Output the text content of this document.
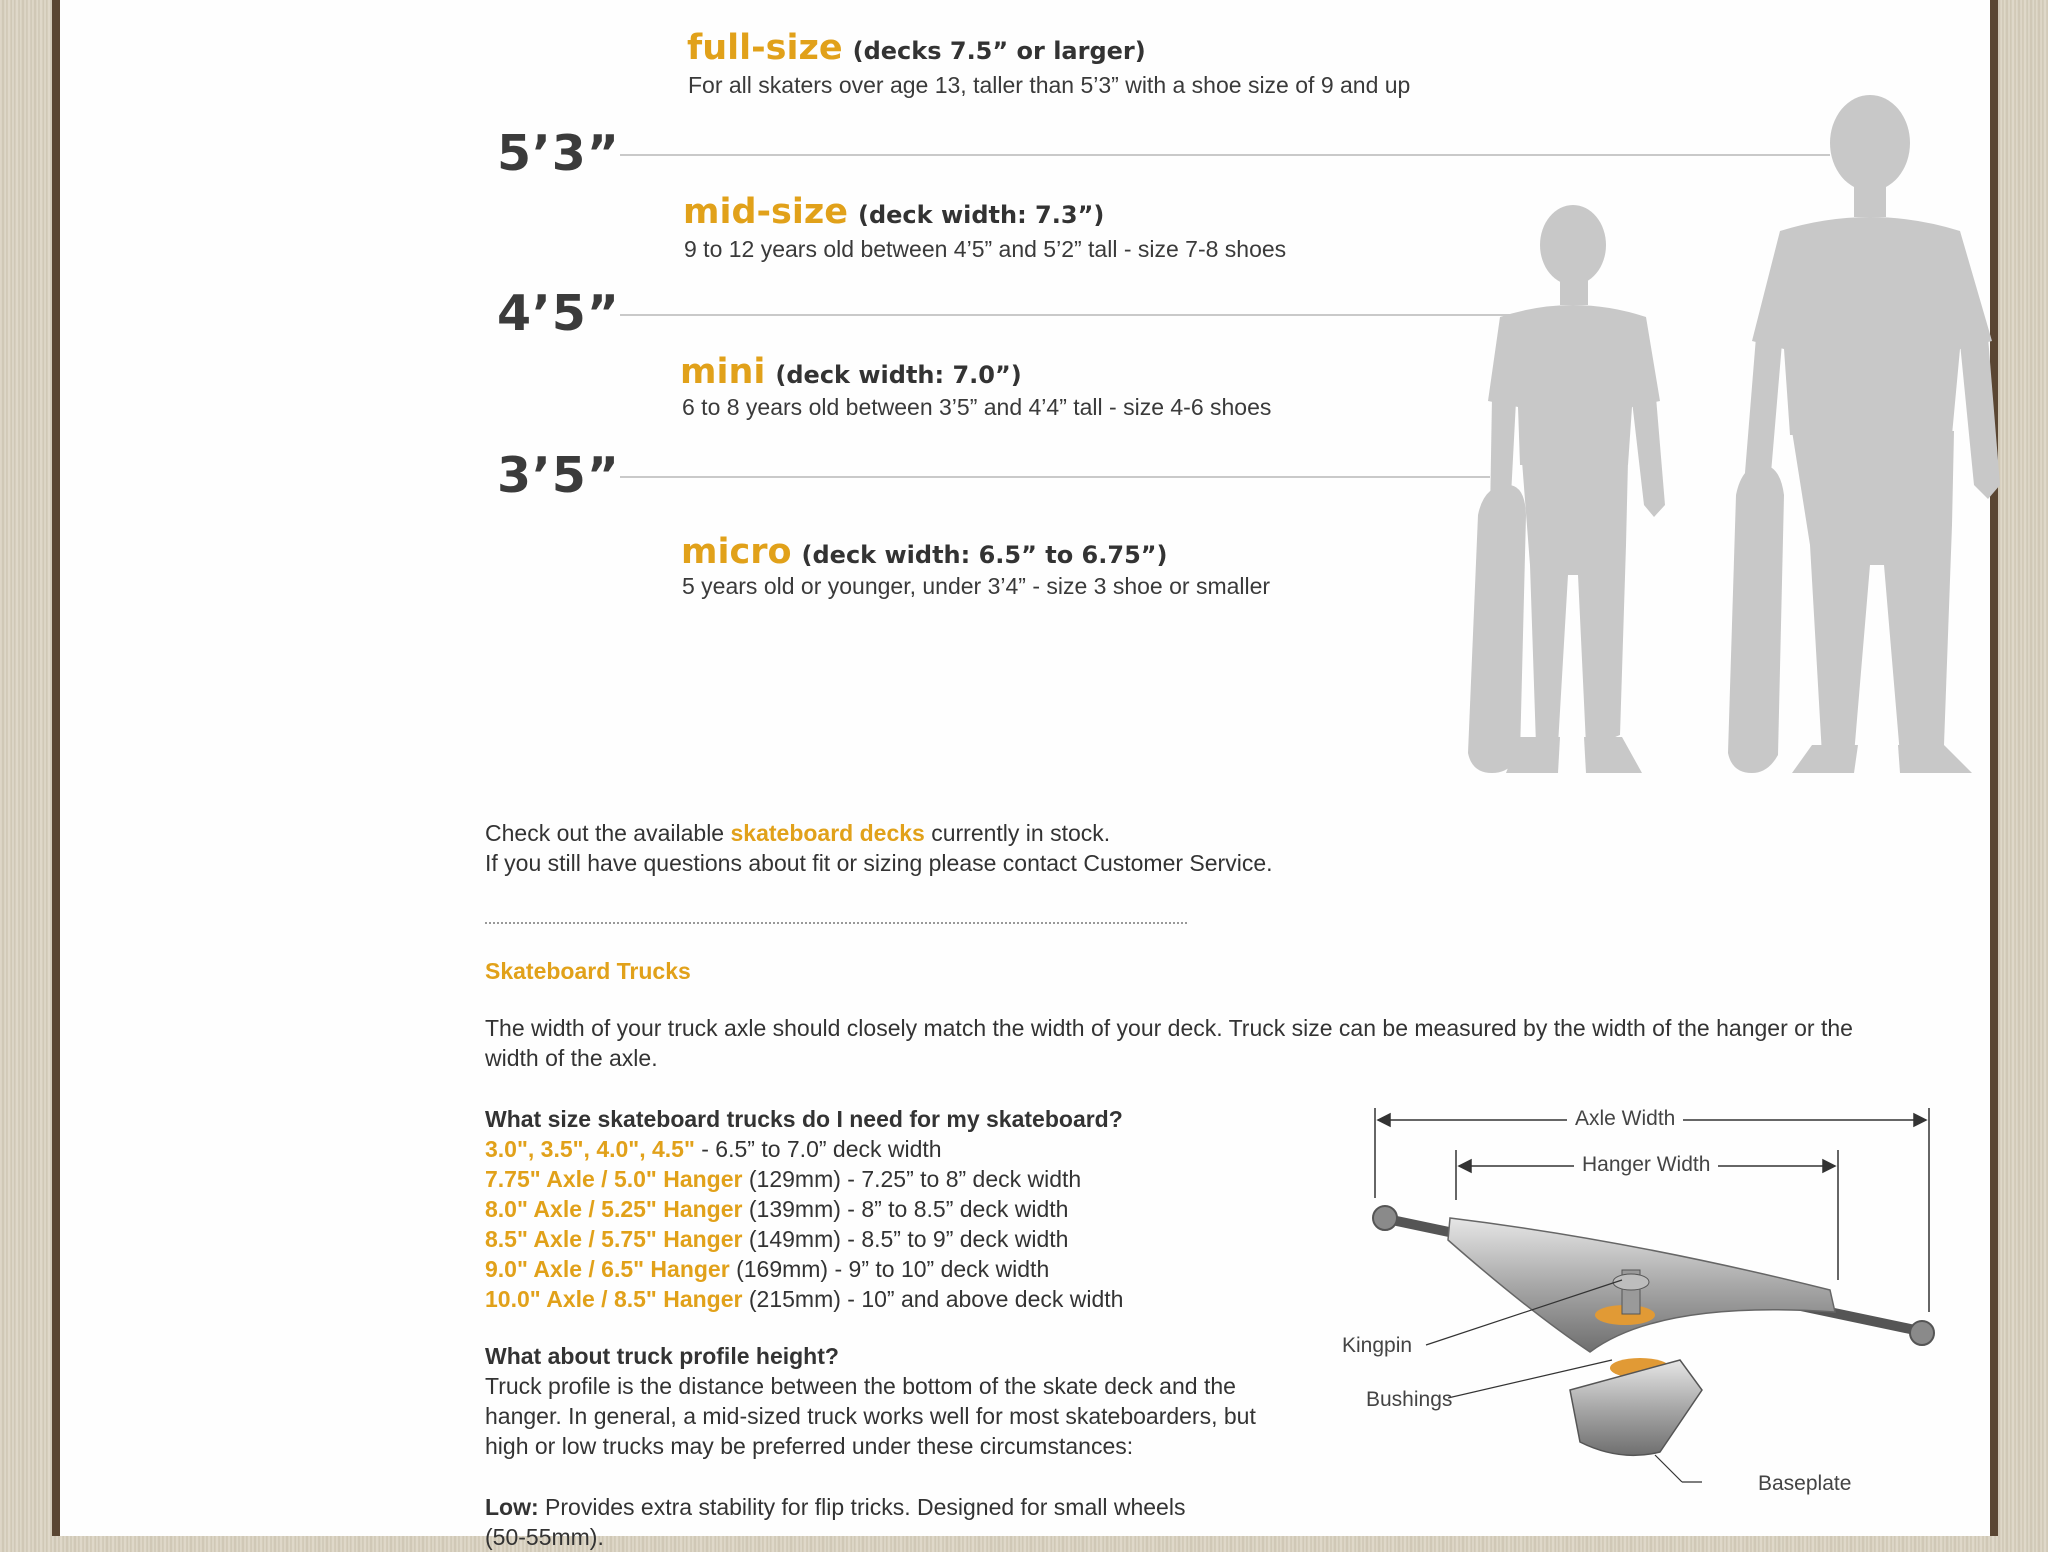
5’3”
4’5”
3’5”
full-size (decks 7.5” or larger)
For all skaters over age 13, taller than 5’3” with a shoe size of 9 and up
mid-size (deck width: 7.3”)
9 to 12 years old between 4’5” and 5’2” tall - size 7-8 shoes
mini (deck width: 7.0”)
6 to 8 years old between 3’5” and 4’4” tall - size 4-6 shoes
micro (deck width: 6.5” to 6.75”)
5 years old or younger, under 3’4” - size 3 shoe or smaller
Check out the available skateboard decks currently in stock.
If you still have questions about fit or sizing please contact Customer Service.
Skateboard Trucks
The width of your truck axle should closely match the width of your deck. Truck size can be measured by the width of the hanger or the
width of the axle.
What size skateboard trucks do I need for my skateboard?
3.0", 3.5", 4.0", 4.5" - 6.5” to 7.0” deck width
7.75" Axle / 5.0" Hanger (129mm) - 7.25” to 8” deck width
8.0" Axle / 5.25" Hanger (139mm) - 8” to 8.5” deck width
8.5" Axle / 5.75" Hanger (149mm) - 8.5” to 9” deck width
9.0" Axle / 6.5" Hanger (169mm) - 9” to 10” deck width
10.0" Axle / 8.5" Hanger (215mm) - 10” and above deck width
What about truck profile height?
Truck profile is the distance between the bottom of the skate deck and the
hanger. In general, a mid-sized truck works well for most skateboarders, but
high or low trucks may be preferred under these circumstances:
Low: Provides extra stability for flip tricks. Designed for small wheels
(50-55mm).
Axle Width
Hanger Width
Kingpin
Bushings
Baseplate
